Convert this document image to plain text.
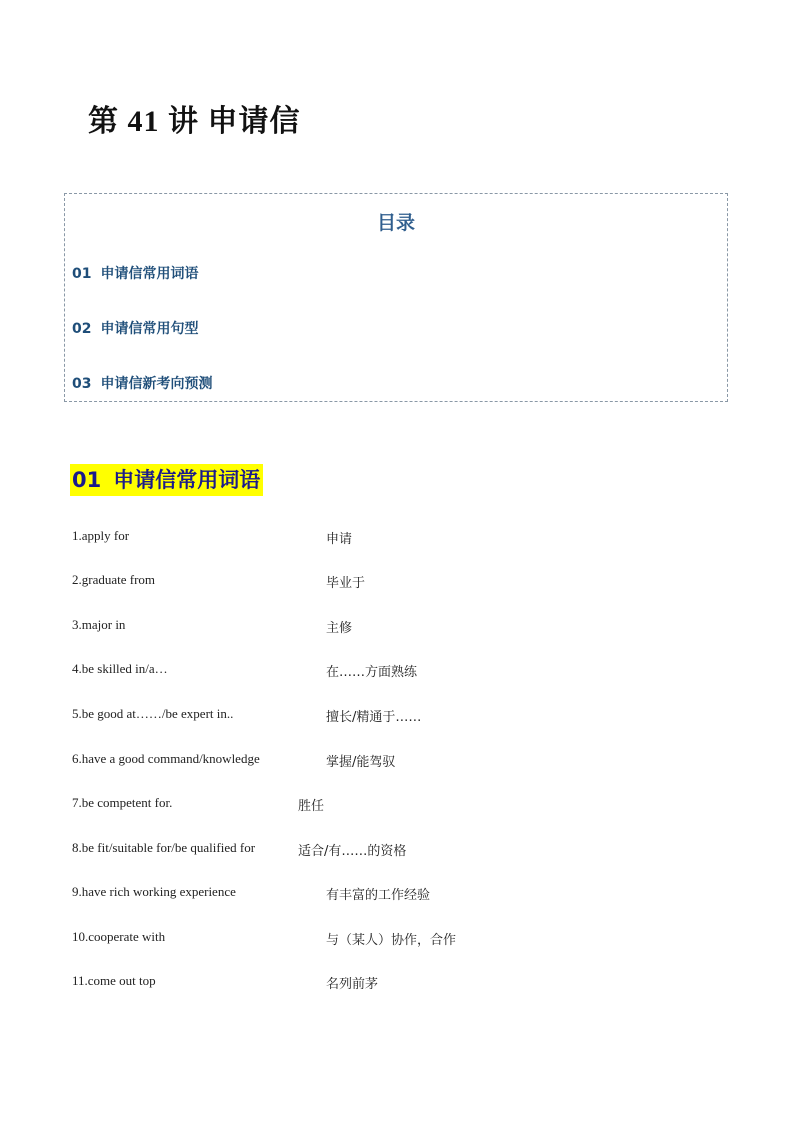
第 41 讲 申请信
目录
01 申请信常用词语
02 申请信常用句型
03 申请信新考向预测
01 申请信常用词语
1.apply for	申请
2.graduate from	毕业于
3.major in	主修
4.be skilled in/a…	在……方面熟练
5.be good at……/be expert in..	擅长/精通于……
6.have a good command/knowledge	掌握/能驾驭
7.be competent for.	胜任
8.be fit/suitable for/be qualified for	适合/有……的资格
9.have rich working experience	有丰富的工作经验
10.cooperate with	与（某人）协作，合作
11.come out top	名列前茅
